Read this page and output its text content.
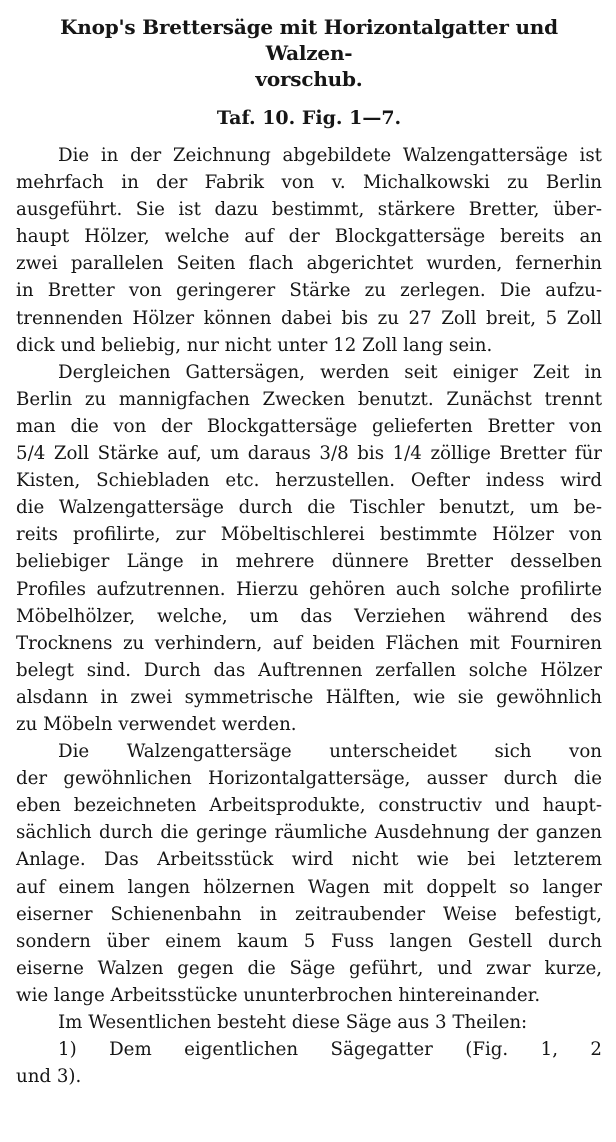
Knop's Brettersäge mit Horizontalgatter und Walzen-
vorschub.
Taf. 10. Fig. 1—7.
Die in der Zeichnung abgebildete Walzengattersäge ist
mehrfach in der Fabrik von v. Michalkowski zu Berlin
ausgeführt. Sie ist dazu bestimmt, stärkere Bretter, über-
haupt Hölzer, welche auf der Blockgattersäge bereits an
zwei parallelen Seiten flach abgerichtet wurden, fernerhin
in Bretter von geringerer Stärke zu zerlegen. Die aufzu-
trennenden Hölzer können dabei bis zu 27 Zoll breit, 5 Zoll
dick und beliebig, nur nicht unter 12 Zoll lang sein.
Dergleichen Gattersägen, werden seit einiger Zeit in
Berlin zu mannigfachen Zwecken benutzt. Zunächst trennt
man die von der Blockgattersäge gelieferten Bretter von
5/4 Zoll Stärke auf, um daraus 3/8 bis 1/4 zöllige Bretter für
Kisten, Schiebladen etc. herzustellen. Oefter indess wird
die Walzengattersäge durch die Tischler benutzt, um be-
reits profilirte, zur Möbeltischlerei bestimmte Hölzer von
beliebiger Länge in mehrere dünnere Bretter desselben
Profiles aufzutrennen. Hierzu gehören auch solche profilirte
Möbelhölzer, welche, um das Verziehen während des
Trocknens zu verhindern, auf beiden Flächen mit Fourniren
belegt sind. Durch das Auftrennen zerfallen solche Hölzer
alsdann in zwei symmetrische Hälften, wie sie gewöhnlich
zu Möbeln verwendet werden.
Die Walzengattersäge unterscheidet sich von
der gewöhnlichen Horizontalgattersäge, ausser durch die
eben bezeichneten Arbeitsprodukte, constructiv und haupt-
sächlich durch die geringe räumliche Ausdehnung der ganzen
Anlage. Das Arbeitsstück wird nicht wie bei letzterem
auf einem langen hölzernen Wagen mit doppelt so langer
eiserner Schienenbahn in zeitraubender Weise befestigt,
sondern über einem kaum 5 Fuss langen Gestell durch
eiserne Walzen gegen die Säge geführt, und zwar kurze,
wie lange Arbeitsstücke ununterbrochen hintereinander.
Im Wesentlichen besteht diese Säge aus 3 Theilen:
1) Dem eigentlichen Sägegatter (Fig. 1, 2
und 3).
